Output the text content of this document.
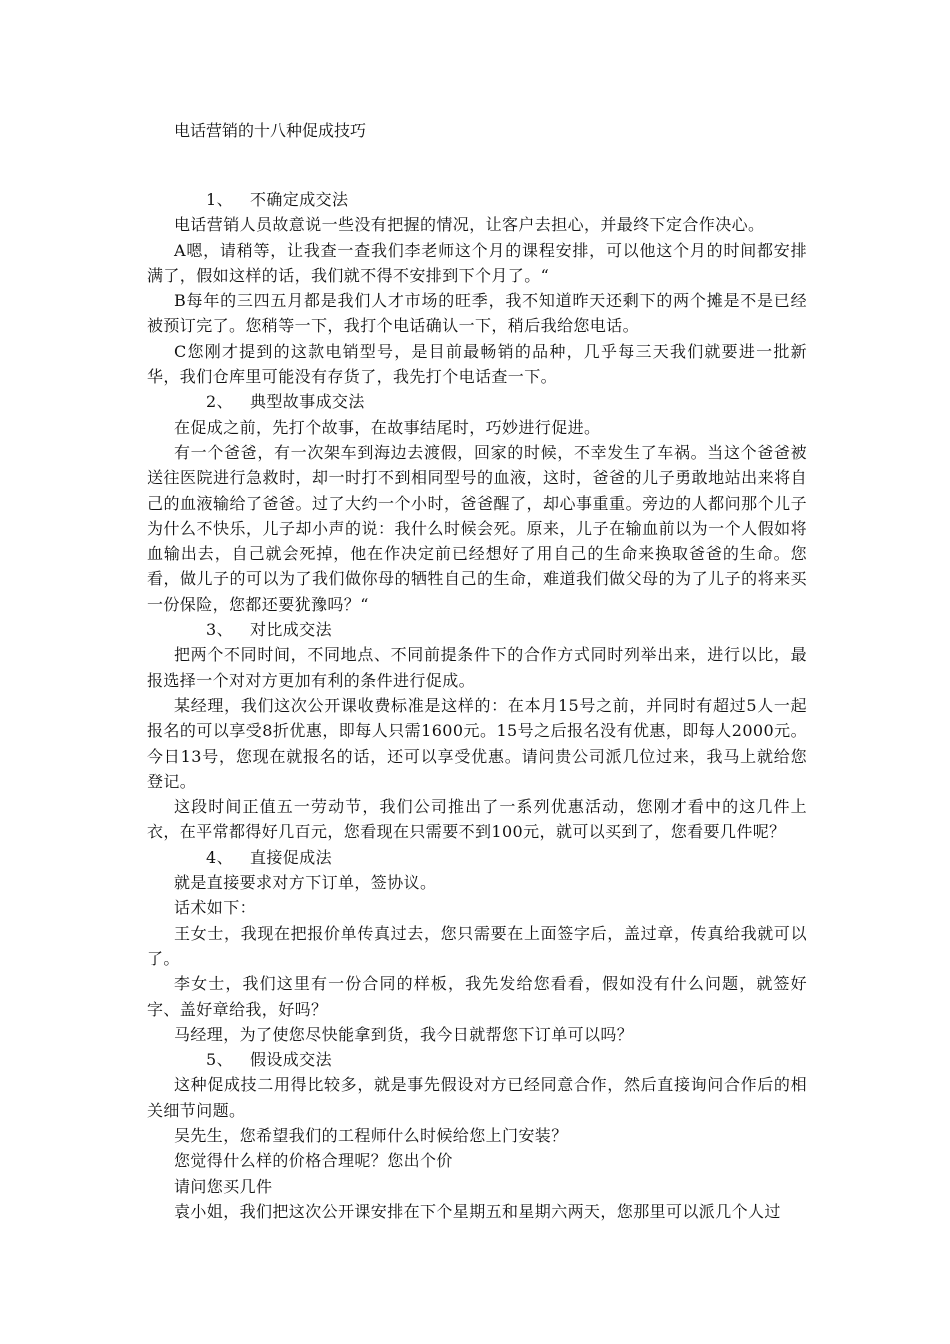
电话营销的十八种促成技巧
1、 不确定成交法

电话营销人员故意说一些没有把握的情况，让客户去担心，并最终下定合作决心。

A嗯，请稍等，让我查一查我们李老师这个月的课程安排，可以他这个月的时间都安排满了，假如这样的话，我们就不得不安排到下个月了。“

B每年的三四五月都是我们人才市场的旺季，我不知道昨天还剩下的两个摊是不是已经被预订完了。您稍等一下，我打个电话确认一下，稍后我给您电话。

C您刚才提到的这款电销型号，是目前最畅销的品种，几乎每三天我们就要进一批新华，我们仓库里可能没有存货了，我先打个电话查一下。

2、 典型故事成交法

在促成之前，先打个故事，在故事结尾时，巧妙进行促进。

有一个爸爸，有一次架车到海边去渡假，回家的时候，不幸发生了车祸。当这个爸爸被送往医院进行急救时，却一时打不到相同型号的血液，这时，爸爸的儿子勇敢地站出来将自己的血液输给了爸爸。过了大约一个小时，爸爸醒了，却心事重重。旁边的人都问那个儿子为什么不快乐，儿子却小声的说：我什么时候会死。原来，儿子在输血前以为一个人假如将血输出去，自己就会死掉，他在作决定前已经想好了用自己的生命来换取爸爸的生命。您看，做儿子的可以为了我们做你母的牺牲自己的生命，难道我们做父母的为了儿子的将来买一份保险，您都还要犹豫吗？“

3、 对比成交法

把两个不同时间，不同地点、不同前提条件下的合作方式同时列举出来，进行以比，最报选择一个对对方更加有利的条件进行促成。

某经理，我们这次公开课收费标准是这样的：在本月15号之前，并同时有超过5人一起报名的可以享受8折优惠，即每人只需1600元。15号之后报名没有优惠，即每人2000元。今日13号，您现在就报名的话，还可以享受优惠。请问贵公司派几位过来，我马上就给您登记。

这段时间正值五一劳动节，我们公司推出了一系列优惠活动，您刚才看中的这几件上衣，在平常都得好几百元，您看现在只需要不到100元，就可以买到了，您看要几件呢？

4、 直接促成法

就是直接要求对方下订单，签协议。

话术如下：

王女士，我现在把报价单传真过去，您只需要在上面签字后，盖过章，传真给我就可以了。

李女士，我们这里有一份合同的样板，我先发给您看看，假如没有什么问题，就签好字、盖好章给我，好吗？

马经理，为了使您尽快能拿到货，我今日就帮您下订单可以吗？

5、 假设成交法

这种促成技⼆用得比较多，就是事先假设对方已经同意合作，然后直接询问合作后的相关细节问题。

吴先生，您希望我们的工程师什么时候给您上门安装？

您觉得什么样的价格合理呢？您出个价

请问您买几件

袁小姐，我们把这次公开课安排在下个星期五和星期六两天，您那里可以派几个人过
